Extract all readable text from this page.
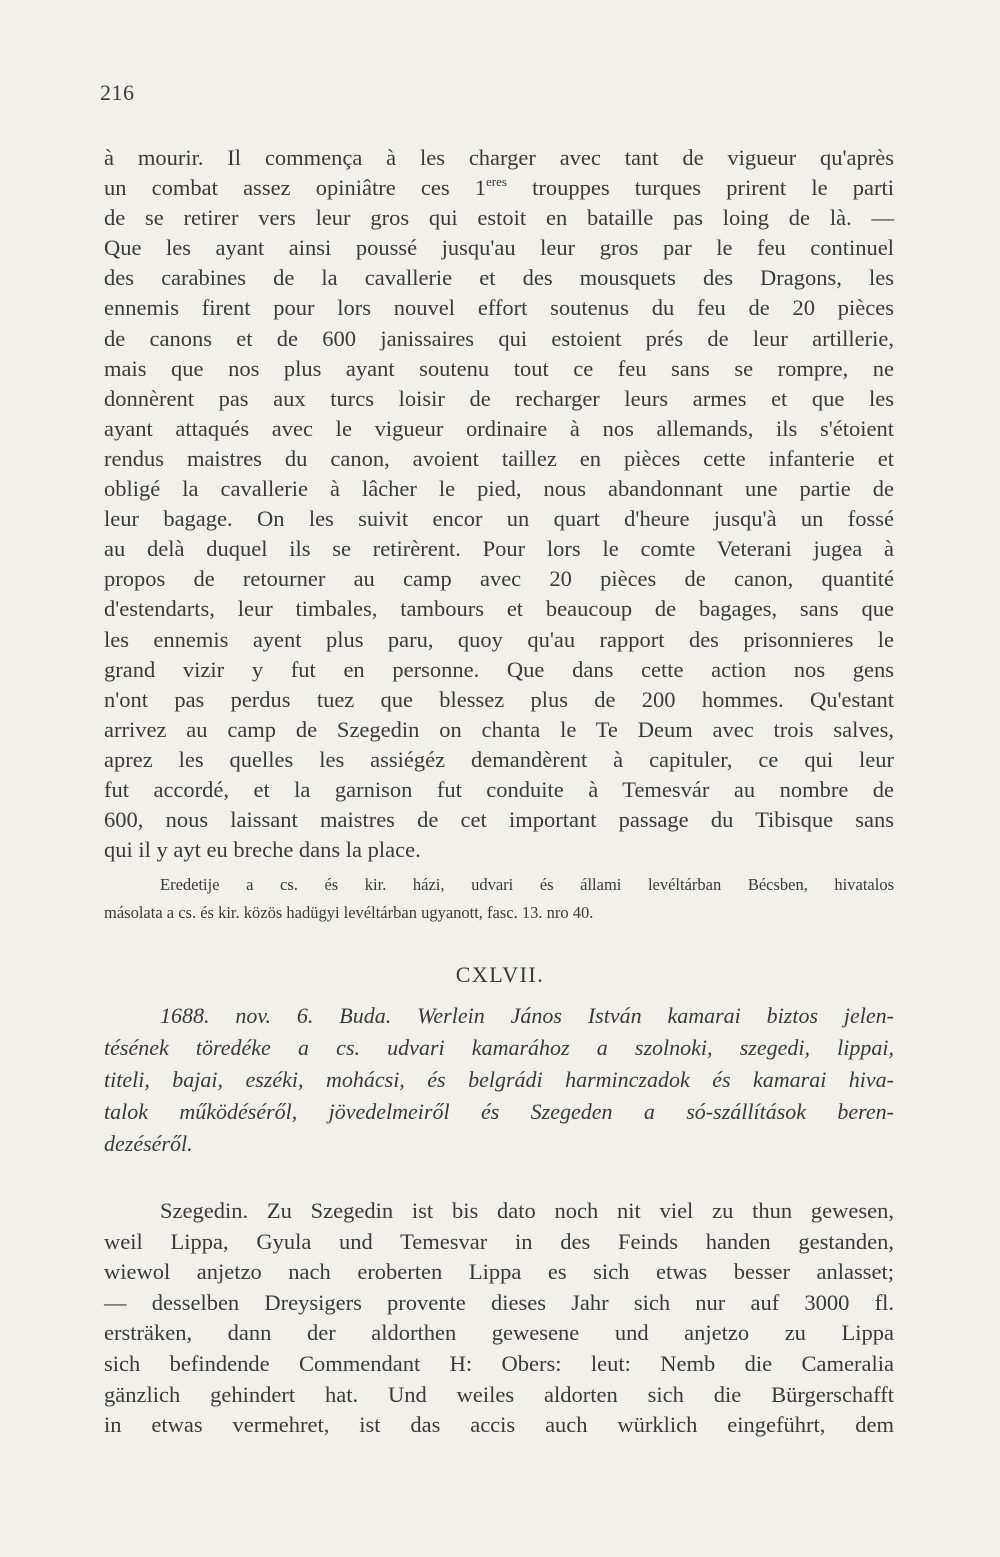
216
à mourir. Il commença à les charger avec tant de vigueur qu'après
un combat assez opiniâtre ces $1^{eres}$ trouppes turques prirent le parti
de se retirer vers leur gros qui estoit en bataille pas loing de là. —
Que les ayant ainsi poussé jusqu'au leur gros par le feu continuel
des carabines de la cavallerie et des mousquets des Dragons, les
ennemis firent pour lors nouvel effort soutenus du feu de 20 pièces
de canons et de 600 janissaires qui estoient prés de leur artillerie,
mais que nos plus ayant soutenu tout ce feu sans se rompre, ne
donnèrent pas aux turcs loisir de recharger leurs armes et que les
ayant attaqués avec le vigueur ordinaire à nos allemands, ils s'étoient
rendus maistres du canon, avoient taillez en pièces cette infanterie et
obligé la cavallerie à lâcher le pied, nous abandonnant une partie de
leur bagage. On les suivit encor un quart d'heure jusqu'à un fossé
au delà duquel ils se retirèrent. Pour lors le comte Veterani jugea à
propos de retourner au camp avec 20 pièces de canon, quantité
d'estendarts, leur timbales, tambours et beaucoup de bagages, sans que
les ennemis ayent plus paru, quoy qu'au rapport des prisonnieres le
grand vizir y fut en personne. Que dans cette action nos gens
n'ont pas perdus tuez que blessez plus de 200 hommes. Qu'estant
arrivez au camp de Szegedin on chanta le Te Deum avec trois salves,
aprez les quelles les assiégéz demandèrent à capituler, ce qui leur
fut accordé, et la garnison fut conduite à Temesvár au nombre de
600, nous laissant maistres de cet important passage du Tibisque sans
qui il y ayt eu breche dans la place.
Eredetije a cs. és kir. házi, udvari és állami levéltárban Bécsben, hivatalos
másolata a cs. és kir. közös hadügyi levéltárban ugyanott, fasc. 13. nro 40.
CXLVII.
1688. nov. 6. Buda. Werlein János István kamarai biztos jelen-
tésének töredéke a cs. udvari kamarához a szolnoki, szegedi, lippai,
titeli, bajai, eszéki, mohácsi, és belgrádi harminczadok és kamarai hiva-
talok működéséről, jövedelmeiről és Szegeden a só-szállítások beren-
dezéséről.
Szegedin. Zu Szegedin ist bis dato noch nit viel zu thun gewesen,
weil Lippa, Gyula und Temesvar in des Feinds handen gestanden,
wiewol anjetzo nach eroberten Lippa es sich etwas besser anlasset;
— desselben Dreysigers provente dieses Jahr sich nur auf 3000 fl.
ersträken, dann der aldorthen gewesene und anjetzo zu Lippa
sich befindende Commendant H: Obers: leut: Nemb die Cameralia
gänzlich gehindert hat. Und weiles aldorten sich die Bürgerschafft
in etwas vermehret, ist das accis auch würklich eingeführt, dem
